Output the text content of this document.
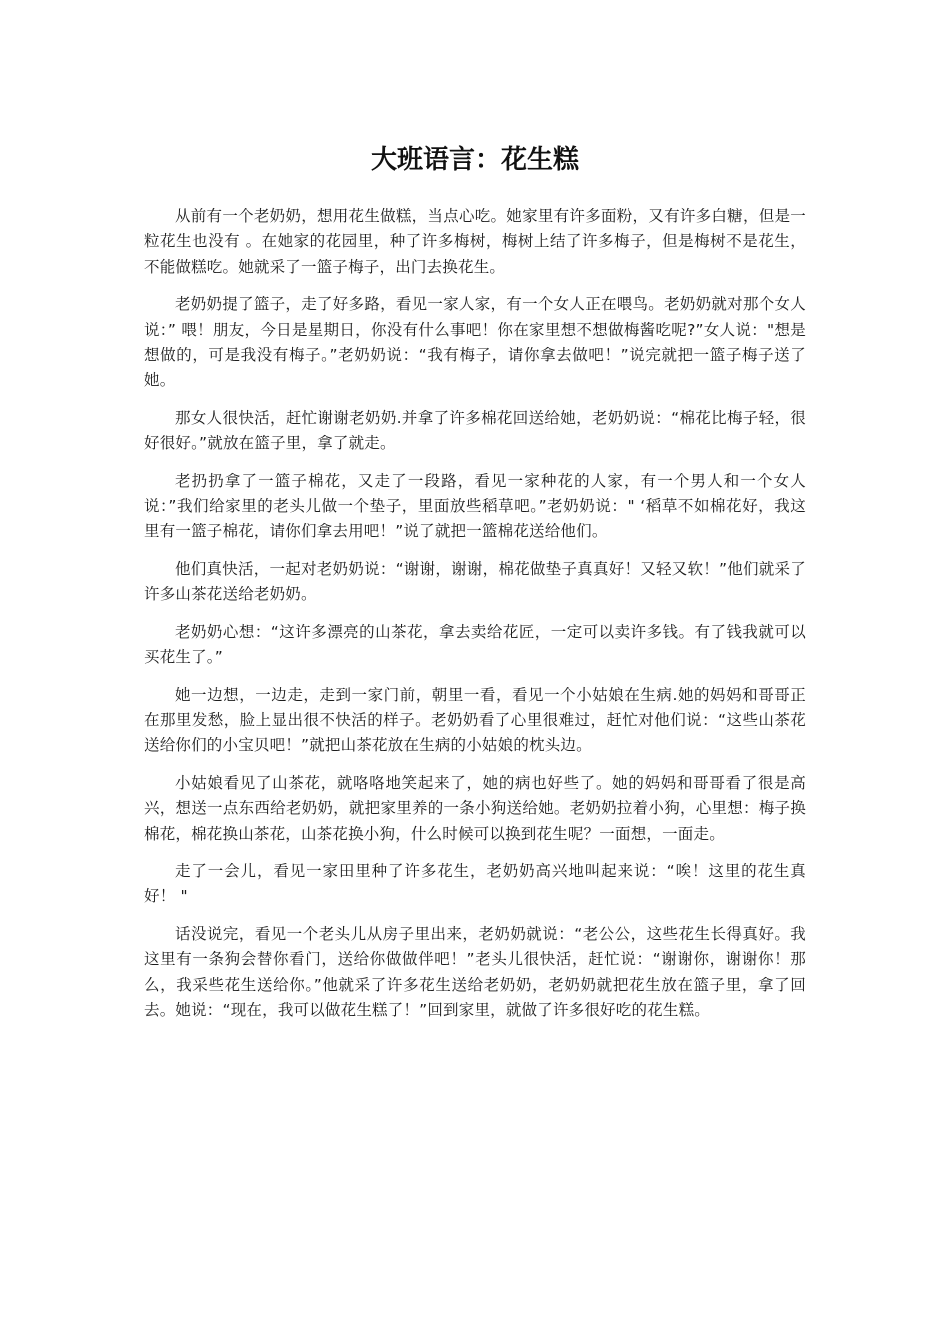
大班语言：花生糕

从前有一个老奶奶，想用花生做糕，当点心吃。她家里有许多面粉，又有许多白糖，但是一粒花生也没有 。在她家的花园里，种了许多梅树，梅树上结了许多梅子，但是梅树不是花生，不能做糕吃。她就采了一篮子梅子，出门去换花生。

老奶奶提了篮子，走了好多路，看见一家人家，有一个女人正在喂鸟。老奶奶就对那个女人说：” 喂！朋友，今日是星期日，你没有什么事吧！你在家里想不想做梅酱吃呢?”女人说："想是想做的，可是我没有梅子。”老奶奶说：“我有梅子，请你拿去做吧！”说完就把一篮子梅子送了她。

那女人很快活，赶忙谢谢老奶奶.并拿了许多棉花回送给她，老奶奶说：“棉花比梅子轻，很好很好。”就放在篮子里，拿了就走。

老扔扔拿了一篮子棉花，又走了一段路，看见一家种花的人家，有一个男人和一个女人说：”我们给家里的老头儿做一个垫子，里面放些稻草吧。”老奶奶说：" ‘稻草不如棉花好，我这里有一篮子棉花，请你们拿去用吧！”说了就把一篮棉花送给他们。

他们真快活，一起对老奶奶说：“谢谢，谢谢，棉花做垫子真真好！又轻又软！”他们就采了许多山茶花送给老奶奶。

老奶奶心想：“这许多漂亮的山茶花，拿去卖给花匠，一定可以卖许多钱。有了钱我就可以买花生了。”

她一边想，一边走，走到一家门前，朝里一看，看见一个小姑娘在生病.她的妈妈和哥哥正在那里发愁，脸上显出很不快活的样子。老奶奶看了心里很难过，赶忙对他们说：“这些山茶花送给你们的小宝贝吧！”就把山茶花放在生病的小姑娘的枕头边。

小姑娘看见了山茶花，就咯咯地笑起来了，她的病也好些了。她的妈妈和哥哥看了很是高兴，想送一点东西给老奶奶，就把家里养的一条小狗送给她。老奶奶拉着小狗，心里想：梅子换棉花，棉花换山茶花，山茶花换小狗，什么时候可以换到花生呢？一面想，一面走。

走了一会儿，看见一家田里种了许多花生，老奶奶高兴地叫起来说：“唉！这里的花生真好！ "

话没说完，看见一个老头儿从房子里出来，老奶奶就说：“老公公，这些花生长得真好。我这里有一条狗会替你看门，送给你做做伴吧！”老头儿很快活，赶忙说：“谢谢你，谢谢你！那么，我采些花生送给你。”他就采了许多花生送给老奶奶，老奶奶就把花生放在篮子里，拿了回去。她说：“现在，我可以做花生糕了！”回到家里，就做了许多很好吃的花生糕。
